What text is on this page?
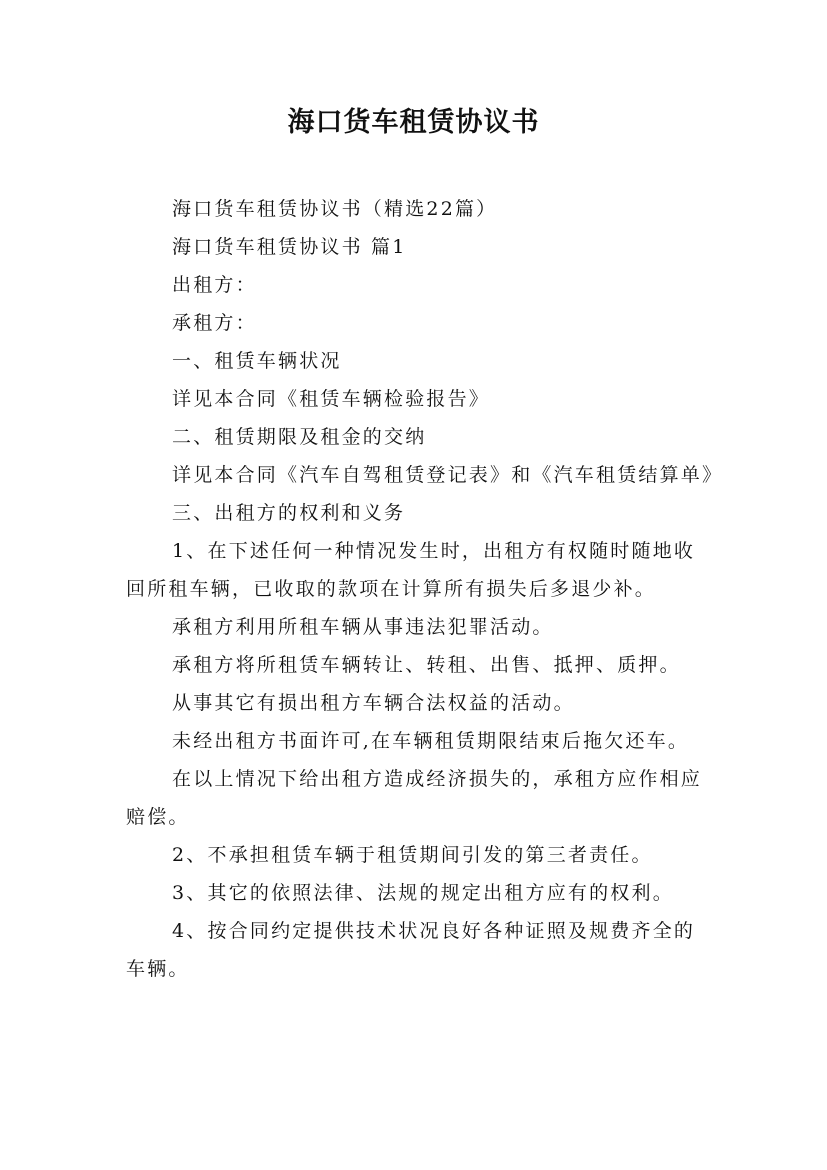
海口货车租赁协议书

海口货车租赁协议书（精选22篇）

海口货车租赁协议书 篇1

出租方：

承租方：

一、租赁车辆状况

详见本合同《租赁车辆检验报告》

二、租赁期限及租金的交纳

详见本合同《汽车自驾租赁登记表》和《汽车租赁结算单》

三、出租方的权利和义务

1、在下述任何一种情况发生时，出租方有权随时随地收回所租车辆，已收取的款项在计算所有损失后多退少补。

承租方利用所租车辆从事违法犯罪活动。

承租方将所租赁车辆转让、转租、出售、抵押、质押。

从事其它有损出租方车辆合法权益的活动。

未经出租方书面许可,在车辆租赁期限结束后拖欠还车。

在以上情况下给出租方造成经济损失的，承租方应作相应赔偿。

2、不承担租赁车辆于租赁期间引发的第三者责任。

3、其它的依照法律、法规的规定出租方应有的权利。

4、按合同约定提供技术状况良好各种证照及规费齐全的车辆。
